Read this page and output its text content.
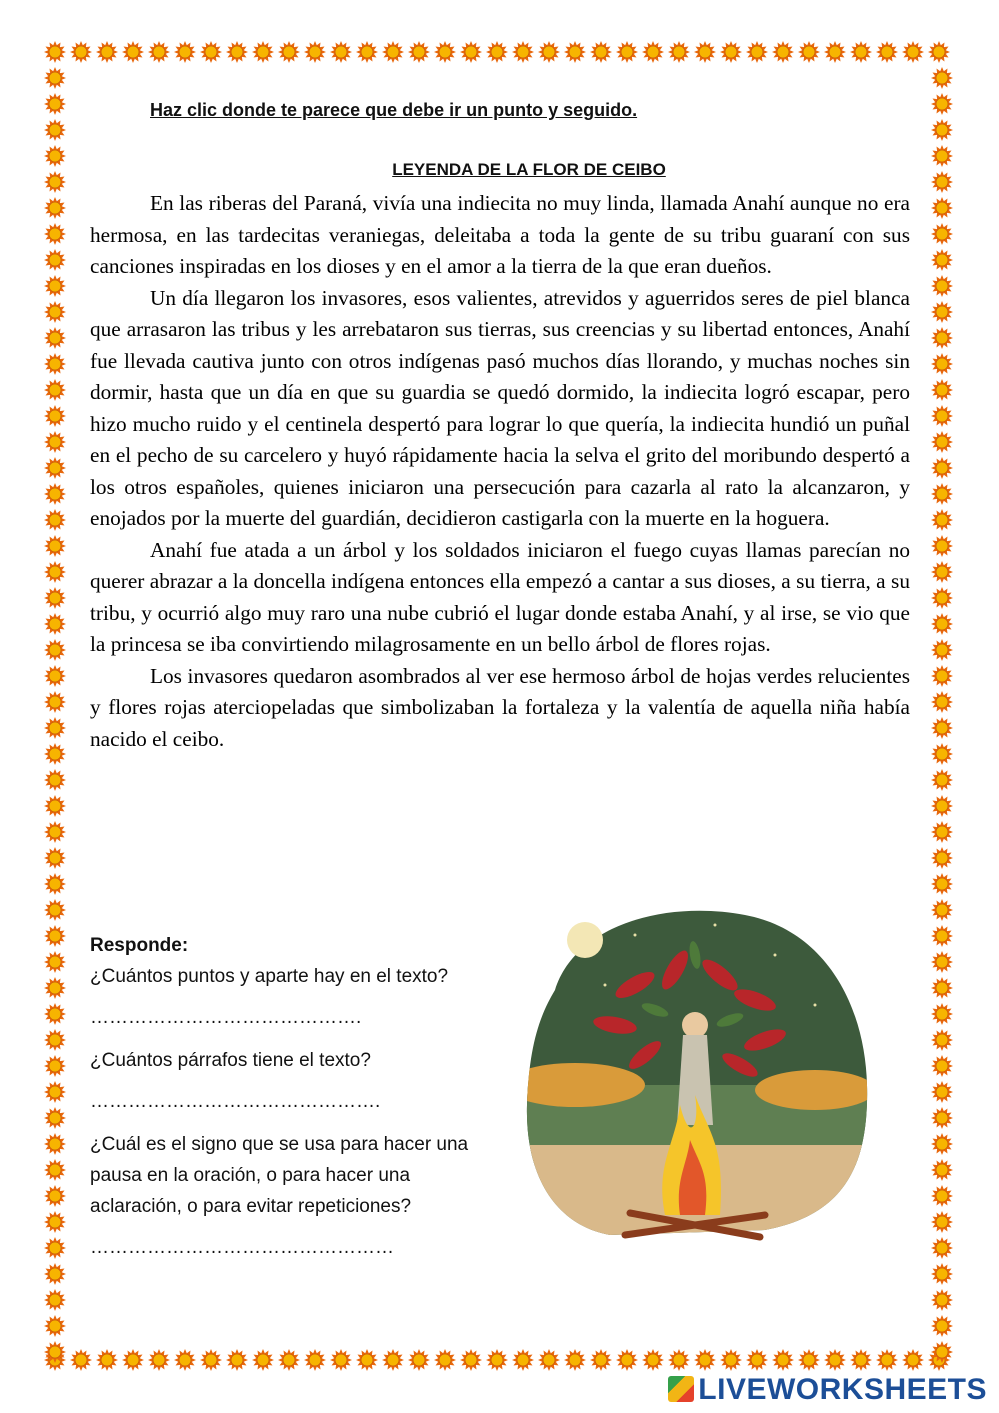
Haz clic donde te parece que debe ir un punto y seguido.

LEYENDA DE LA FLOR DE CEIBO

En las riberas del Paraná, vivía una indiecita no muy linda, llamada Anahí aunque no era hermosa, en las tardecitas veraniegas, deleitaba a toda la gente de su tribu guaraní con sus canciones inspiradas en los dioses y en el amor a la tierra de la que eran dueños.

Un día llegaron los invasores, esos valientes, atrevidos y aguerridos seres de piel blanca que arrasaron las tribus y les arrebataron sus tierras, sus creencias y su libertad entonces, Anahí fue llevada cautiva junto con otros indígenas pasó muchos días llorando, y muchas noches sin dormir, hasta que un día en que su guardia se quedó dormido, la indiecita logró escapar, pero hizo mucho ruido y el centinela despertó para lograr lo que quería, la indiecita hundió un puñal en el pecho de su carcelero y huyó rápidamente hacia la selva el grito del moribundo despertó a los otros españoles, quienes iniciaron una persecución para cazarla al rato la alcanzaron, y enojados por la muerte del guardián, decidieron castigarla con la muerte en la hoguera.

Anahí fue atada a un árbol y los soldados iniciaron el fuego cuyas llamas parecían no querer abrazar a la doncella indígena entonces ella empezó a cantar a sus dioses, a su tierra, a su tribu, y ocurrió algo muy raro una nube cubrió el lugar donde estaba Anahí, y al irse, se vio que la princesa se iba convirtiendo milagrosamente en un bello árbol de flores rojas.

Los invasores quedaron asombrados al ver ese hermoso árbol de hojas verdes relucientes y flores rojas aterciopeladas que simbolizaban la fortaleza y la valentía de aquella niña había nacido el ceibo.

Responde:

¿Cuántos puntos y aparte hay en el texto?

…………………………………….

¿Cuántos párrafos tiene el texto?

……………………………………….

¿Cuál es el signo que se usa para hacer una pausa en la oración, o para hacer una aclaración, o para evitar repeticiones?

…………………………………………
LIVEWORKSHEETS
